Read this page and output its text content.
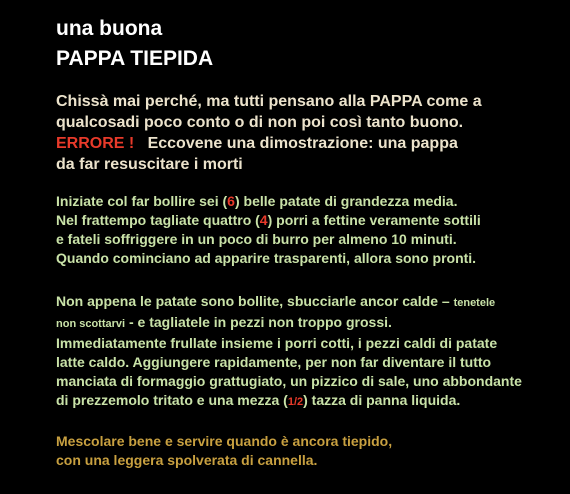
una buona
PAPPA TIEPIDA
Chissà mai perché, ma tutti pensano alla PAPPA come a
qualcosadi poco conto o di non poi così tanto buono.
ERRORE ! Eccovene una dimostrazione: una pappa
da far resuscitare i morti
Iniziate col far bollire sei (6) belle patate di grandezza media.
Nel frattempo tagliate quattro (4) porri a fettine veramente sottili
e fateli soffriggere in un poco di burro per almeno 10 minuti.
Quando cominciano ad apparire trasparenti, allora sono pronti.
Non appena le patate sono bollite, sbucciarle ancor calde – tenetele
non scottarvi - e tagliatele in pezzi non troppo grossi.
Immediatamente frullate insieme i porri cotti, i pezzi caldi di patate
latte caldo. Aggiungere rapidamente, per non far diventare il tutto
manciata di formaggio grattugiato, un pizzico di sale, uno abbondante
di prezzemolo tritato e una mezza (1/2) tazza di panna liquida.
Mescolare bene e servire quando è ancora tiepido,
con una leggera spolverata di cannella.
